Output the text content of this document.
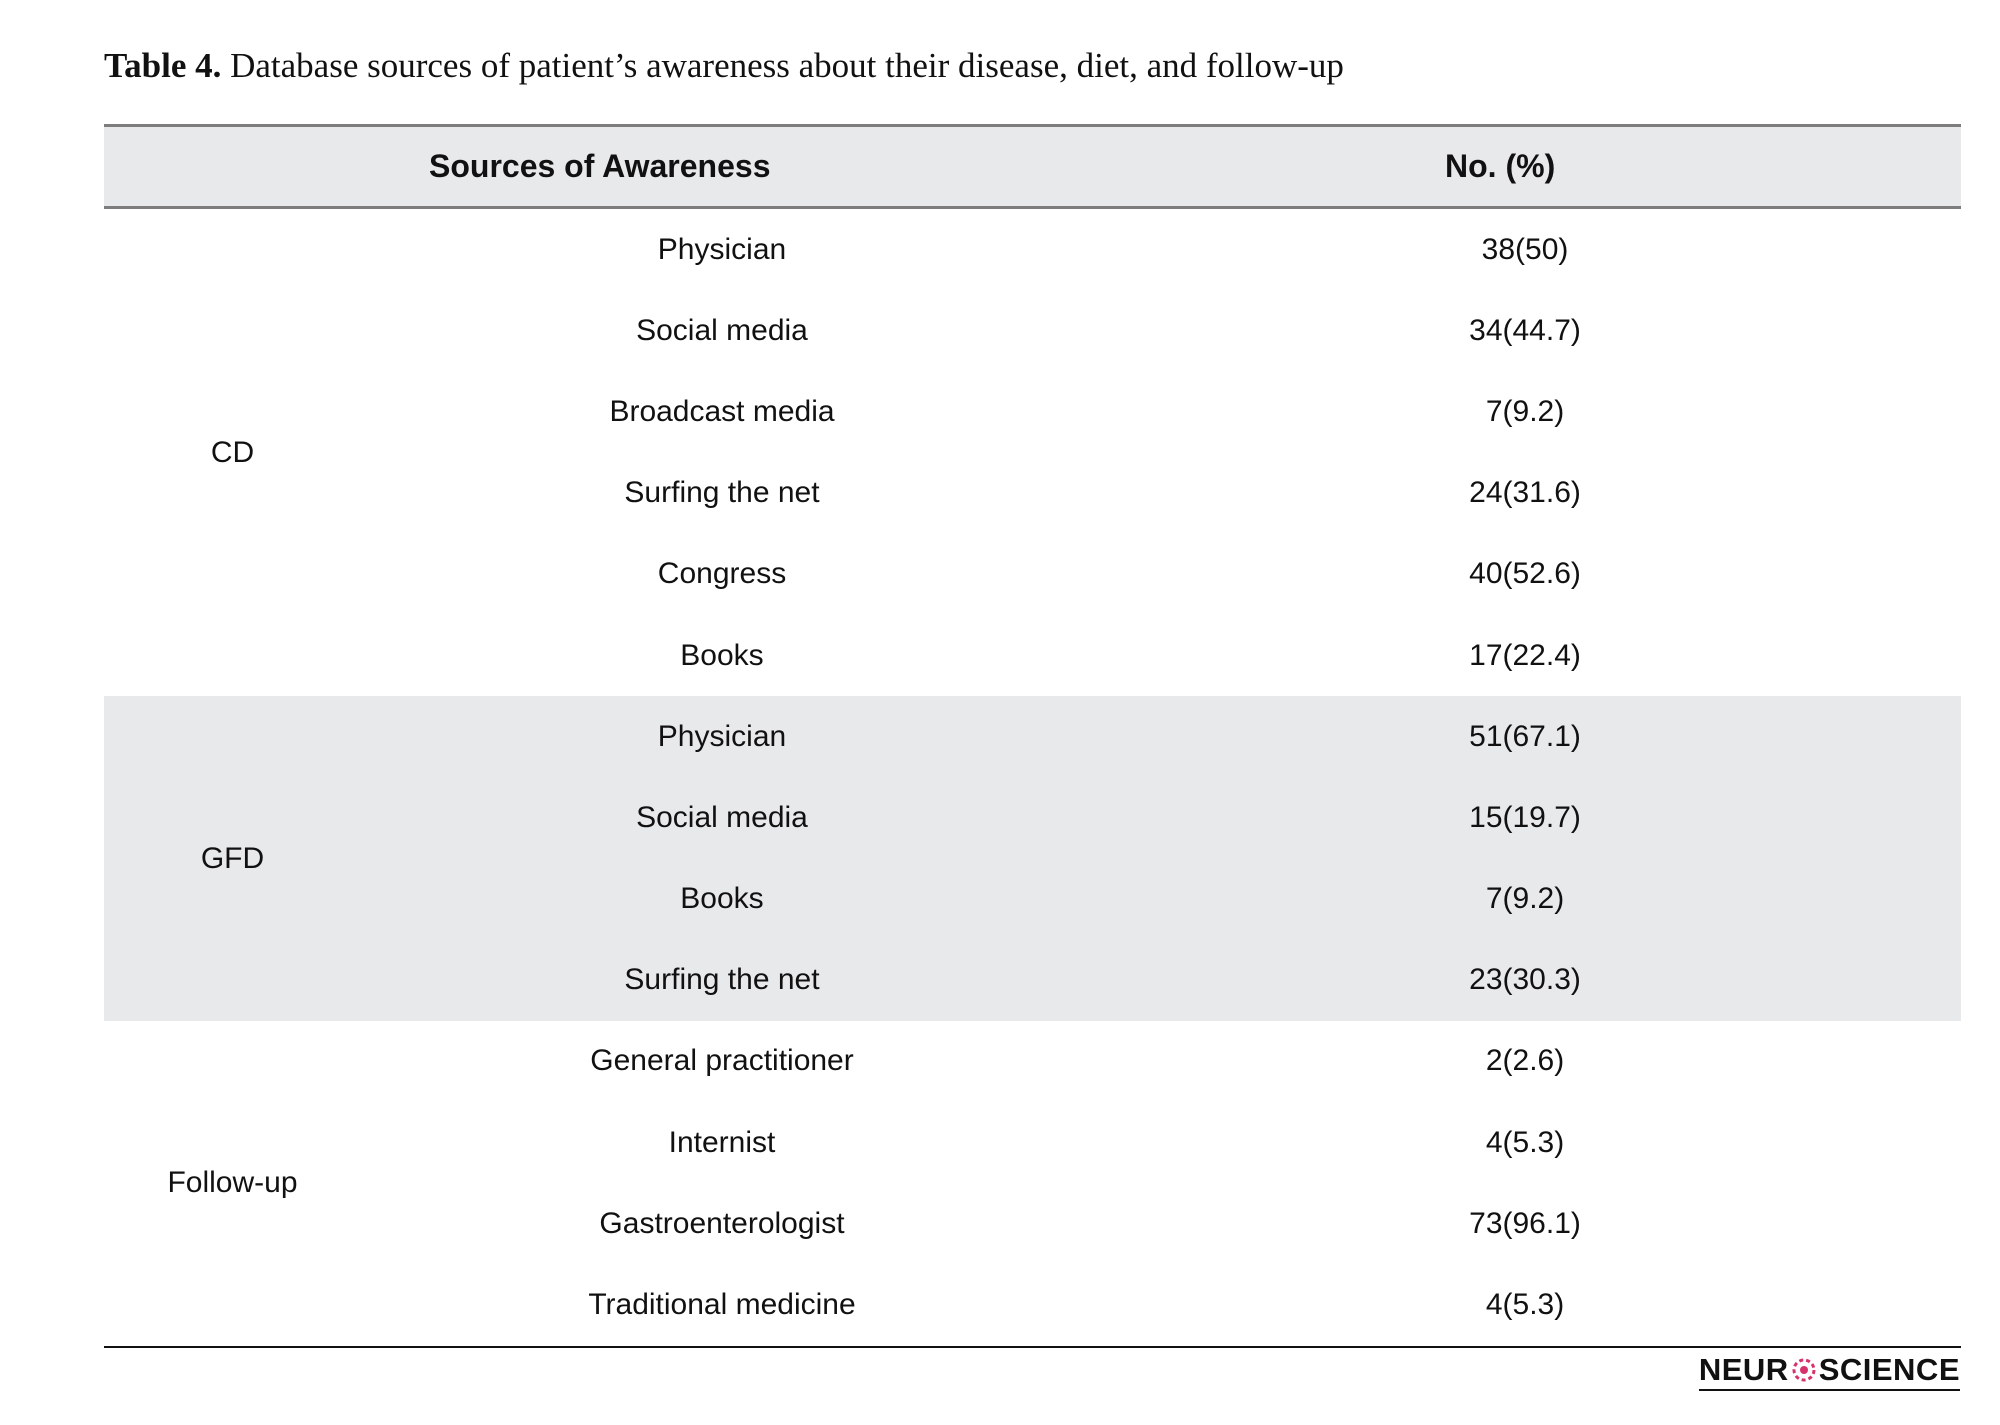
Table 4. Database sources of patient’s awareness about their disease, diet, and follow-up
Sources of Awareness		No. (%)
CD	Physician	38(50)
	Social media	34(44.7)
	Broadcast media	7(9.2)
	Surfing the net	24(31.6)
	Congress	40(52.6)
	Books	17(22.4)
GFD	Physician	51(67.1)
	Social media	15(19.7)
	Books	7(9.2)
	Surfing the net	23(30.3)
Follow-up	General practitioner	2(2.6)
	Internist	4(5.3)
	Gastroenterologist	73(96.1)
	Traditional medicine	4(5.3)
NEUR SCIENCE
